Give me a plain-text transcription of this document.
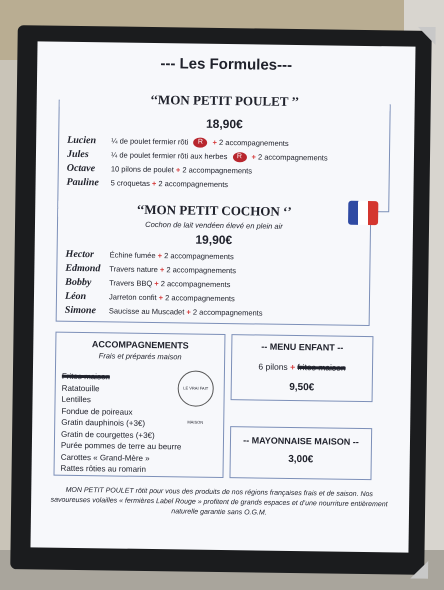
--- Les Formules---
‘‘MON PETIT POULET ’’
18,90€
Lucien ¼ de poulet fermier rôti R + 2 accompagnements
Jules	¼ de poulet fermier rôti aux herbes R + 2 accompagnements
Octave 10 pilons de poulet + 2 accompagnements
Pauline 5 croquetas + 2 accompagnements
‘‘MON PETIT COCHON ‘’
Cochon de lait vendéen élevé en plein air
19,90€
Hector Échine fumée + 2 accompagnements
Edmond Travers nature + 2 accompagnements
Bobby Travers BBQ + 2 accompagnements
Léon	Jarreton confit + 2 accompagnements
Simone Saucisse au Muscadet + 2 accompagnements
ACCOMPAGNEMENTS
Frais et préparés maison
LE VRAI FAIT MAISON
Frites maison
Ratatouille
Lentilles
Fondue de poireaux
Gratin dauphinois (+3€)
Gratin de courgettes (+3€)
Purée pommes de terre au beurre
Carottes « Grand-Mère »
Rattes rôties au romarin
-- MENU ENFANT --
6 pilons + frites maison
9,50€
-- MAYONNAISE MAISON --
3,00€
MON PETIT POULET rôtit pour vous des produits de nos régions françaises frais et de saison. Nos savoureuses volailles « fermières Label Rouge » profitent de grands espaces et d’une nourriture entièrement naturelle garantie sans O.G.M.
